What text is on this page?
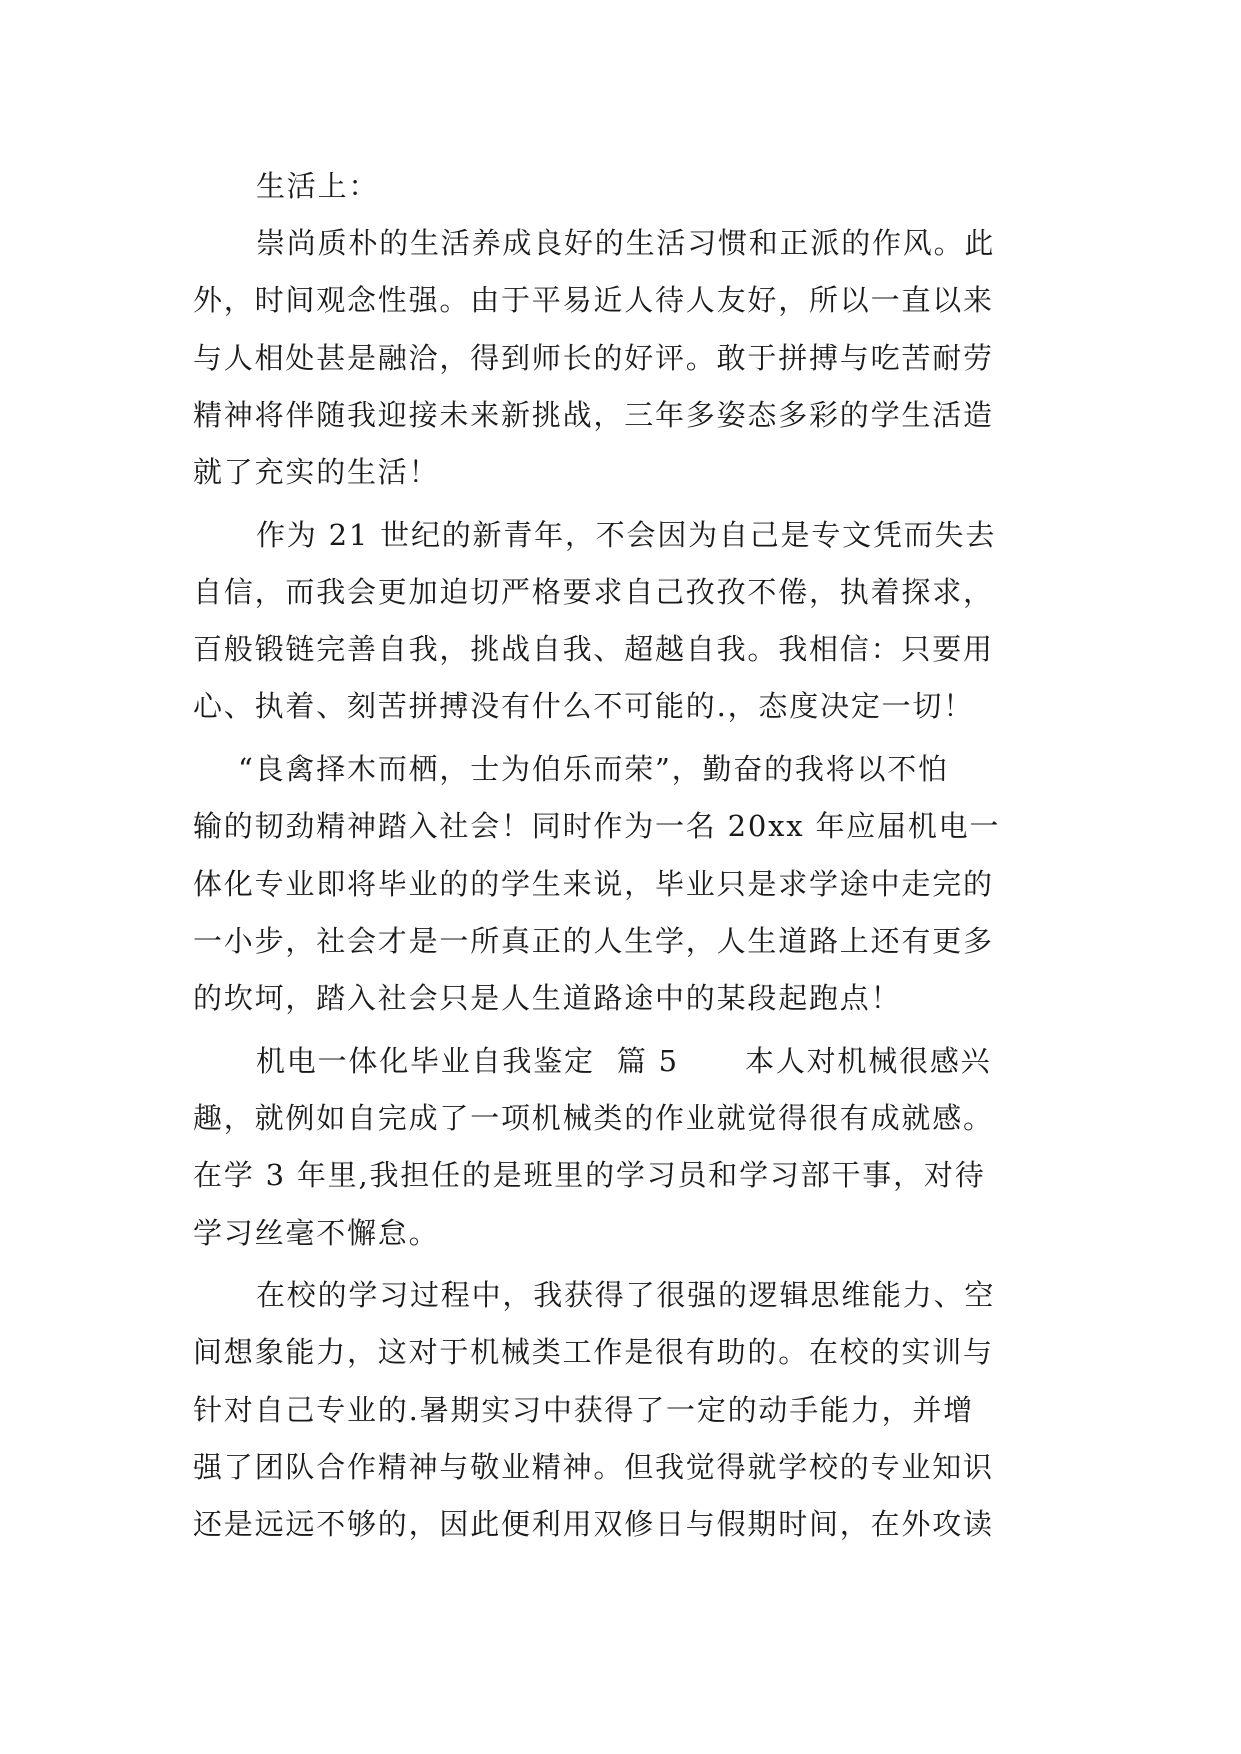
生活上：
崇尚质朴的生活养成良好的生活习惯和正派的作风。此
外，时间观念性强。由于平易近人待人友好，所以一直以来
与人相处甚是融洽，得到师长的好评。敢于拼搏与吃苦耐劳
精神将伴随我迎接未来新挑战，三年多姿态多彩的学生活造
就了充实的生活！
作为 21 世纪的新青年，不会因为自己是专文凭而失去
自信，而我会更加迫切严格要求自己孜孜不倦，执着探求，
百般锻链完善自我，挑战自我、超越自我。我相信：只要用
心、执着、刻苦拼搏没有什么不可能的.，态度决定一切！
“良禽择木而栖，士为伯乐而荣”，勤奋的我将以不怕
输的韧劲精神踏入社会！同时作为一名 20xx 年应届机电一
体化专业即将毕业的的学生来说，毕业只是求学途中走完的
一小步，社会才是一所真正的人生学，人生道路上还有更多
的坎坷，踏入社会只是人生道路途中的某段起跑点！
机电一体化毕业自我鉴定  篇 5      本人对机械很感兴
趣，就例如自完成了一项机械类的作业就觉得很有成就感。
在学 3 年里,我担任的是班里的学习员和学习部干事，对待
学习丝毫不懈怠。
在校的学习过程中，我获得了很强的逻辑思维能力、空
间想象能力，这对于机械类工作是很有助的。在校的实训与
针对自己专业的.暑期实习中获得了一定的动手能力，并增
强了团队合作精神与敬业精神。但我觉得就学校的专业知识
还是远远不够的，因此便利用双修日与假期时间，在外攻读
